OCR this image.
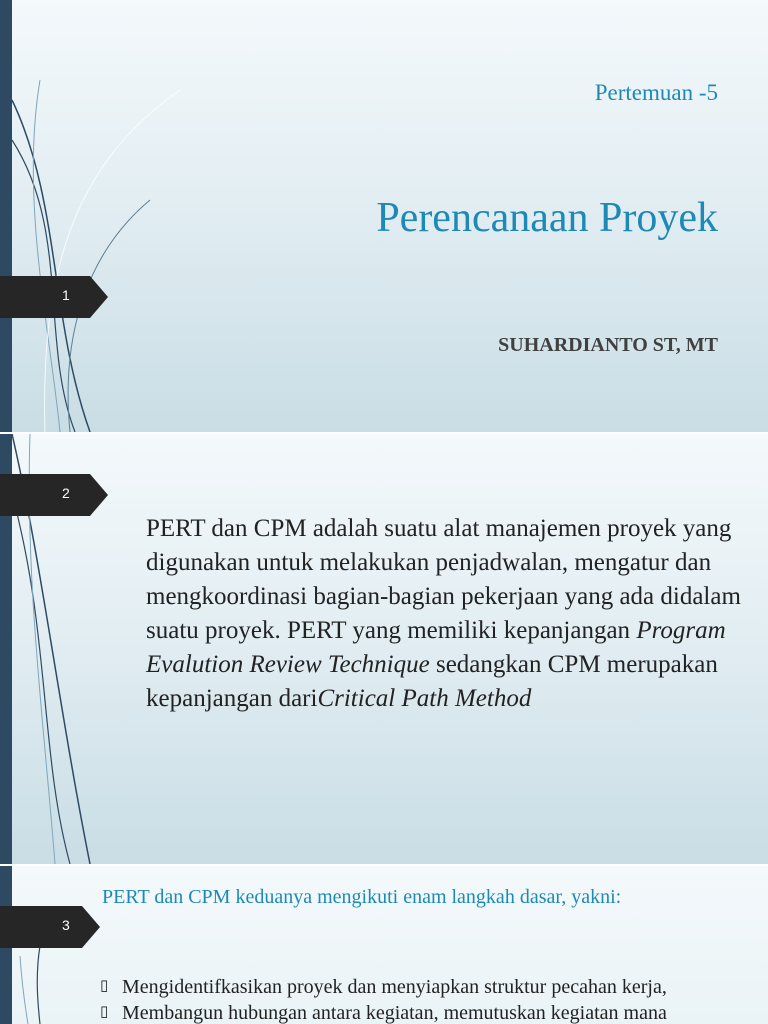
1
Pertemuan -5
Perencanaan Proyek
SUHARDIANTO ST, MT
2
PERT dan CPM adalah suatu alat manajemen proyek yang digunakan untuk melakukan penjadwalan, mengatur dan mengkoordinasi bagian-bagian pekerjaan yang ada didalam suatu proyek. PERT yang memiliki kepanjangan Program Evalution Review Technique sedangkan CPM merupakan kepanjangan dariCritical Path Method
3
PERT dan CPM keduanya mengikuti enam langkah dasar, yakni:
▯ Mengidentifkasikan proyek dan menyiapkan struktur pecahan kerja,
▯ Membangun hubungan antara kegiatan, memutuskan kegiatan mana
